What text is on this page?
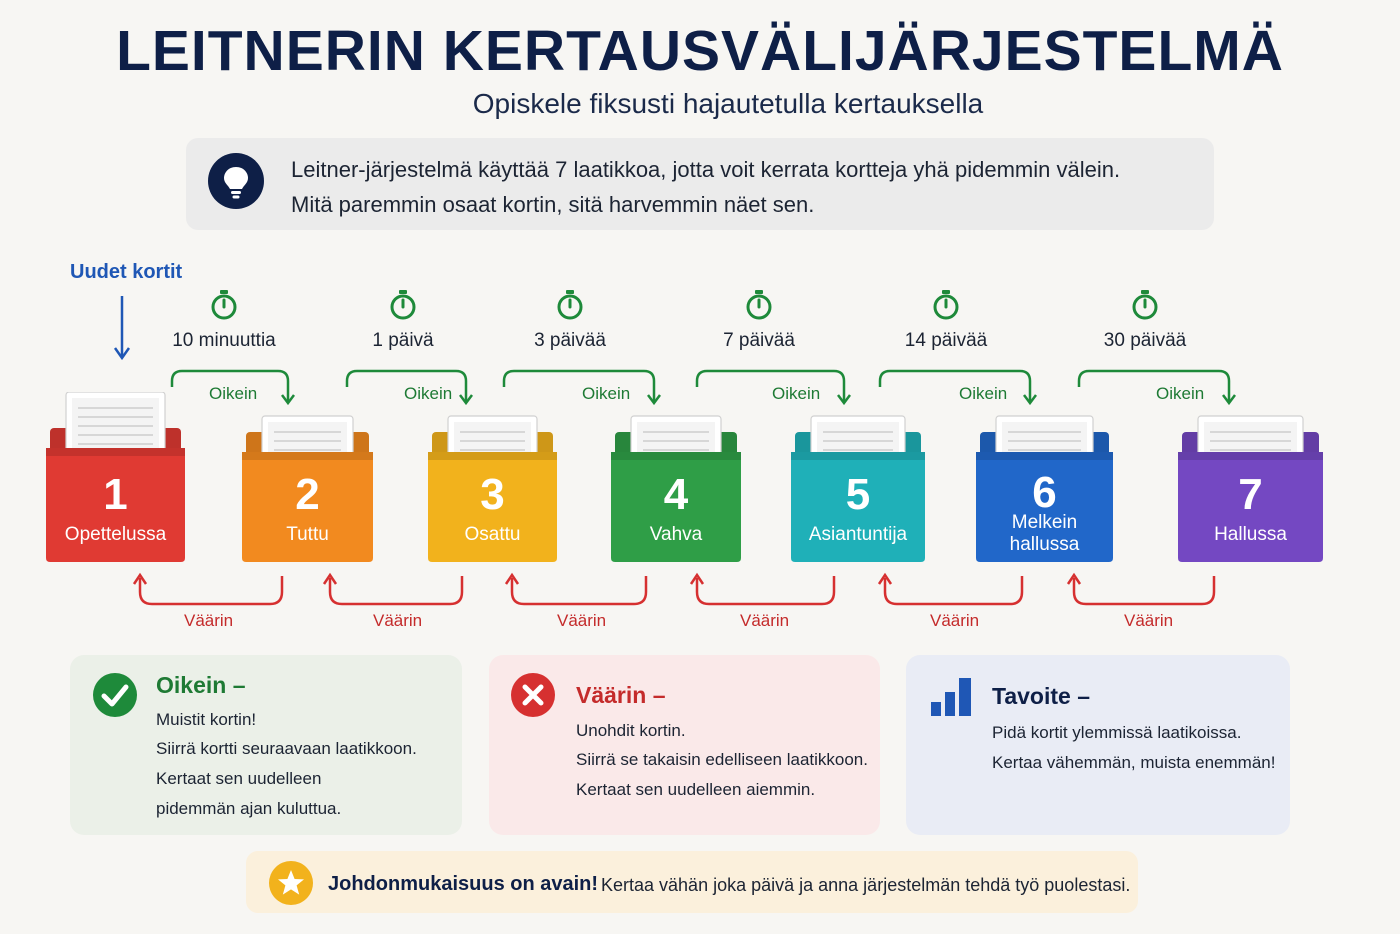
LEITNERIN KERTAUSVÄLIJÄRJESTELMÄ
Opiskele fiksusti hajautetulla kertauksella
Leitner-järjestelmä käyttää 7 laatikkoa, jotta voit kerrata kortteja yhä pidemmin välein.
Mitä paremmin osaat kortin, sitä harvemmin näet sen.
Uudet kortit
10 minuuttia
Oikein
1 päivä
Oikein
3 päivää
Oikein
7 päivää
Oikein
14 päivää
Oikein
30 päivää
Oikein
1
Opettelussa
2
Tuttu
3
Osattu
4
Vahva
5
Asiantuntija
6
Melkein hallussa
7
Hallussa
Väärin	Väärin	Väärin	Väärin	Väärin	Väärin
Oikein –
Muistit kortin!
Siirrä kortti seuraavaan laatikkoon.
Kertaat sen uudelleen
pidemmän ajan kuluttua.
Väärin –
Unohdit kortin.
Siirrä se takaisin edelliseen laatikkoon.
Kertaat sen uudelleen aiemmin.
Tavoite –
Pidä kortit ylemmissä laatikoissa.
Kertaa vähemmän, muista enemmän!
Johdonmukaisuus on avain! Kertaa vähän joka päivä ja anna järjestelmän tehdä työ puolestasi.
